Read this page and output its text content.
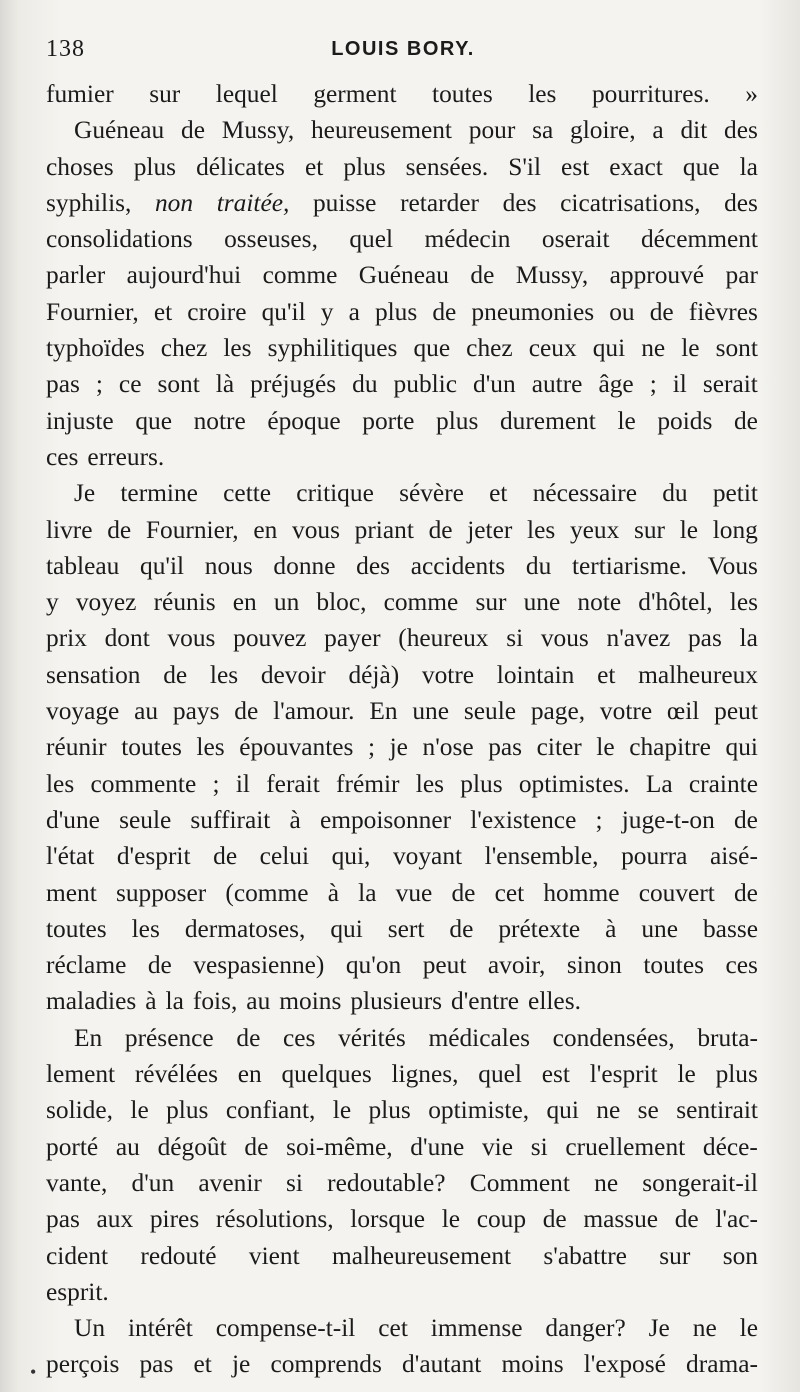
138	LOUIS BORY.
fumier sur lequel germent toutes les pourritures. »
Guéneau de Mussy, heureusement pour sa gloire, a dit des
choses plus délicates et plus sensées. S'il est exact que la
syphilis, non traitée, puisse retarder des cicatrisations, des
consolidations osseuses, quel médecin oserait décemment
parler aujourd'hui comme Guéneau de Mussy, approuvé par
Fournier, et croire qu'il y a plus de pneumonies ou de fièvres
typhoïdes chez les syphilitiques que chez ceux qui ne le sont
pas ; ce sont là préjugés du public d'un autre âge ; il serait
injuste que notre époque porte plus durement le poids de
ces erreurs.
Je termine cette critique sévère et nécessaire du petit
livre de Fournier, en vous priant de jeter les yeux sur le long
tableau qu'il nous donne des accidents du tertiarisme. Vous
y voyez réunis en un bloc, comme sur une note d'hôtel, les
prix dont vous pouvez payer (heureux si vous n'avez pas la
sensation de les devoir déjà) votre lointain et malheureux
voyage au pays de l'amour. En une seule page, votre œil peut
réunir toutes les épouvantes ; je n'ose pas citer le chapitre qui
les commente ; il ferait frémir les plus optimistes. La crainte
d'une seule suffirait à empoisonner l'existence ; juge-t-on de
l'état d'esprit de celui qui, voyant l'ensemble, pourra aisé-
ment supposer (comme à la vue de cet homme couvert de
toutes les dermatoses, qui sert de prétexte à une basse
réclame de vespasienne) qu'on peut avoir, sinon toutes ces
maladies à la fois, au moins plusieurs d'entre elles.
En présence de ces vérités médicales condensées, bruta-
lement révélées en quelques lignes, quel est l'esprit le plus
solide, le plus confiant, le plus optimiste, qui ne se sentirait
porté au dégoût de soi-même, d'une vie si cruellement déce-
vante, d'un avenir si redoutable? Comment ne songerait-il
pas aux pires résolutions, lorsque le coup de massue de l'ac-
cident redouté vient malheureusement s'abattre sur son
esprit.
Un intérêt compense-t-il cet immense danger? Je ne le
perçois pas et je comprends d'autant moins l'exposé drama-
•
